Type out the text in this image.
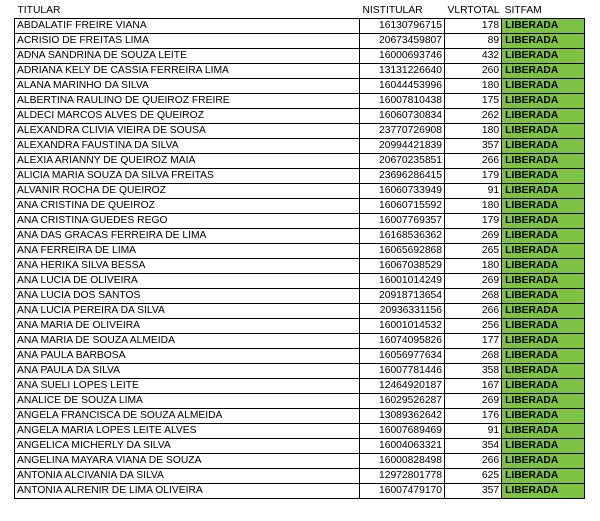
TITULAR	NISTITULAR	VLRTOTAL	SITFAM
ABDALATIF FREIRE VIANA	16130796715	178	LIBERADA
ACRISIO DE FREITAS LIMA	20673459807	89	LIBERADA
ADNA SANDRINA DE SOUZA LEITE	16000693746	432	LIBERADA
ADRIANA KELY DE CASSIA FERREIRA LIMA	13131226640	260	LIBERADA
ALANA MARINHO DA SILVA	16044453996	180	LIBERADA
ALBERTINA RAULINO DE QUEIROZ FREIRE	16007810438	175	LIBERADA
ALDECI MARCOS ALVES DE QUEIROZ	16060730834	262	LIBERADA
ALEXANDRA CLIVIA VIEIRA DE SOUSA	23770726908	180	LIBERADA
ALEXANDRA FAUSTINA DA SILVA	20994421839	357	LIBERADA
ALEXIA ARIANNY DE QUEIROZ MAIA	20670235851	266	LIBERADA
ALICIA MARIA SOUZA DA SILVA FREITAS	23696286415	179	LIBERADA
ALVANIR ROCHA DE QUEIROZ	16060733949	91	LIBERADA
ANA CRISTINA DE QUEIROZ	16060715592	180	LIBERADA
ANA CRISTINA GUEDES REGO	16007769357	179	LIBERADA
ANA DAS GRACAS FERREIRA DE LIMA	16168536362	269	LIBERADA
ANA FERREIRA DE LIMA	16065692868	265	LIBERADA
ANA HERIKA SILVA BESSA	16067038529	180	LIBERADA
ANA LUCIA DE OLIVEIRA	16001014249	269	LIBERADA
ANA LUCIA DOS SANTOS	20918713654	268	LIBERADA
ANA LUCIA PEREIRA DA SILVA	20936331156	266	LIBERADA
ANA MARIA DE OLIVEIRA	16001014532	256	LIBERADA
ANA MARIA DE SOUZA ALMEIDA	16074095826	177	LIBERADA
ANA PAULA BARBOSA	16056977634	268	LIBERADA
ANA PAULA DA SILVA	16007781446	358	LIBERADA
ANA SUELI LOPES LEITE	12464920187	167	LIBERADA
ANALICE DE SOUZA LIMA	16029526287	269	LIBERADA
ANGELA FRANCISCA DE SOUZA ALMEIDA	13089362642	176	LIBERADA
ANGELA MARIA LOPES LEITE ALVES	16007689469	91	LIBERADA
ANGELICA MICHERLY DA SILVA	16004063321	354	LIBERADA
ANGELINA MAYARA VIANA DE SOUZA	16000828498	266	LIBERADA
ANTONIA ALCIVANIA DA SILVA	12972801778	625	LIBERADA
ANTONIA ALRENIR DE LIMA OLIVEIRA	16007479170	357	LIBERADA
